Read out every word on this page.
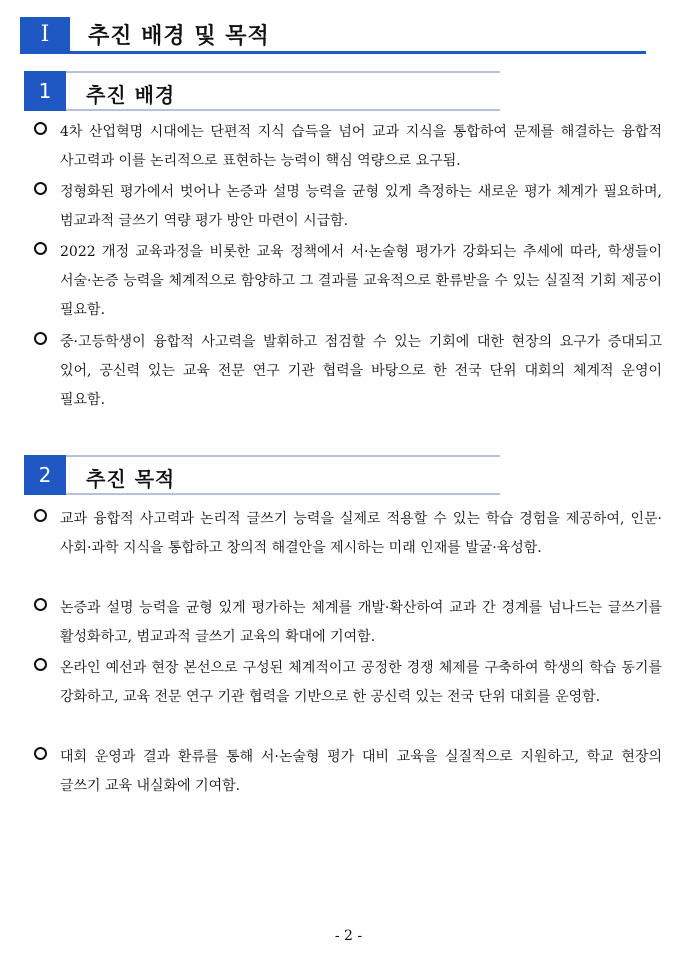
Ⅰ	추진 배경 및 목적
1	추진 배경
4차 산업혁명 시대에는 단편적 지식 습득을 넘어 교과 지식을 통합하여 문제를 해결하는 융합적 사고력과 이를 논리적으로 표현하는 능력이 핵심 역량으로 요구됨.
정형화된 평가에서 벗어나 논증과 설명 능력을 균형 있게 측정하는 새로운 평가 체계가 필요하며, 범교과적 글쓰기 역량 평가 방안 마련이 시급함.
2022 개정 교육과정을 비롯한 교육 정책에서 서·논술형 평가가 강화되는 추세에 따라, 학생들이 서술·논증 능력을 체계적으로 함양하고 그 결과를 교육적으로 환류받을 수 있는 실질적 기회 제공이 필요함.
중·고등학생이 융합적 사고력을 발휘하고 점검할 수 있는 기회에 대한 현장의 요구가 증대되고 있어, 공신력 있는 교육 전문 연구 기관 협력을 바탕으로 한 전국 단위 대회의 체계적 운영이 필요함.
2	추진 목적
교과 융합적 사고력과 논리적 글쓰기 능력을 실제로 적용할 수 있는 학습 경험을 제공하여, 인문·사회·과학 지식을 통합하고 창의적 해결안을 제시하는 미래 인재를 발굴·육성함.
논증과 설명 능력을 균형 있게 평가하는 체계를 개발·확산하여 교과 간 경계를 넘나드는 글쓰기를 활성화하고, 범교과적 글쓰기 교육의 확대에 기여함.
온라인 예선과 현장 본선으로 구성된 체계적이고 공정한 경쟁 체제를 구축하여 학생의 학습 동기를 강화하고, 교육 전문 연구 기관 협력을 기반으로 한 공신력 있는 전국 단위 대회를 운영함.
대회 운영과 결과 환류를 통해 서·논술형 평가 대비 교육을 실질적으로 지원하고, 학교 현장의 글쓰기 교육 내실화에 기여함.
- 2 -
